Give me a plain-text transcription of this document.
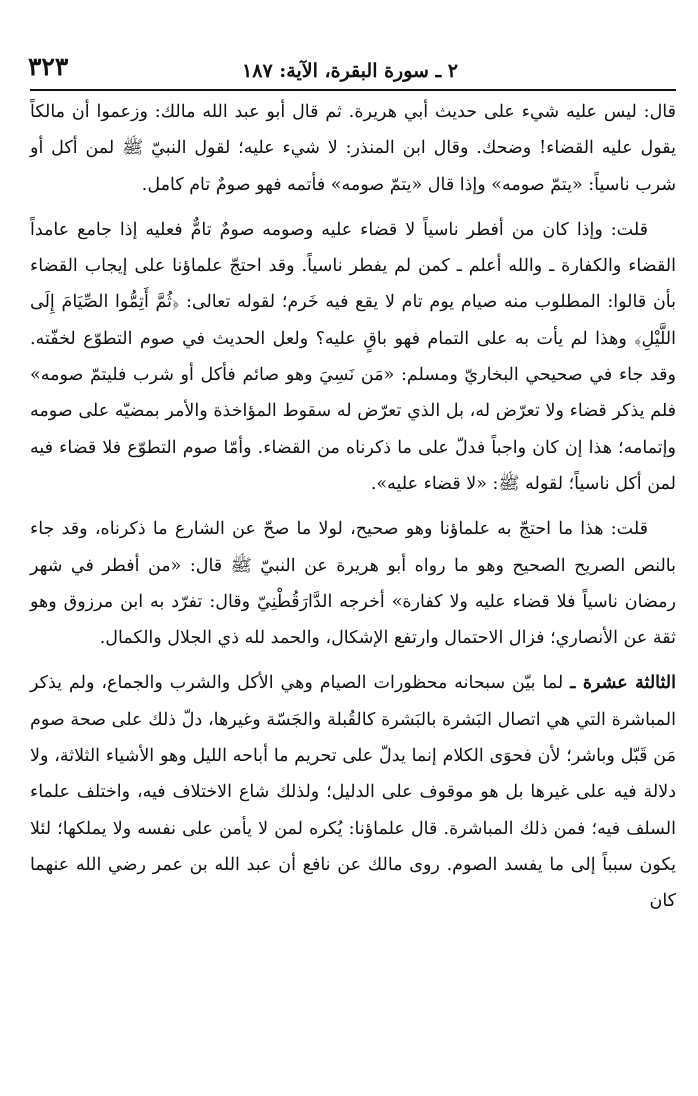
٣٢٣	٢ ـ سورة البقرة، الآية: ١٨٧

قال: ليس عليه شيء على حديث أبي هريرة. ثم قال أبو عبد الله مالك: وزعموا أن مالكاً يقول عليه القضاء! وضحك. وقال ابن المنذر: لا شيء عليه؛ لقول النبيّ ﷺ لمن أكل أو شرب ناسياً: «يتمّ صومه» وإذا قال «يتمّ صومه» فأتمه فهو صومٌ تام كامل.

قلت: وإذا كان من أفطر ناسياً لا قضاء عليه وصومه صومٌ تامٌّ فعليه إذا جامع عامداً القضاء والكفارة ـ والله أعلم ـ كمن لم يفطر ناسياً. وقد احتجّ علماؤنا على إيجاب القضاء بأن قالوا: المطلوب منه صيام يوم تام لا يقع فيه خَرم؛ لقوله تعالى: ﴿ثُمَّ أَتِمُّوا الصِّيَامَ إِلَى اللَّيْلِ﴾ وهذا لم يأت به على التمام فهو باقٍ عليه؟ ولعل الحديث في صوم التطوّع لخفّته. وقد جاء في صحيحي البخاريّ ومسلم: «مَن نَسِيَ وهو صائم فأكل أو شرب فليتمّ صومه» فلم يذكر قضاء ولا تعرّض له، بل الذي تعرّض له سقوط المؤاخذة والأمر بمضيّه على صومه وإتمامه؛ هذا إن كان واجباً فدلّ على ما ذكرناه من القضاء. وأمّا صوم التطوّع فلا قضاء فيه لمن أكل ناسياً؛ لقوله ﷺ: «لا قضاء عليه».

قلت: هذا ما احتجّ به علماؤنا وهو صحيح، لولا ما صحّ عن الشارع ما ذكرناه، وقد جاء بالنص الصريح الصحيح وهو ما رواه أبو هريرة عن النبيّ ﷺ قال: «من أفطر في شهر رمضان ناسياً فلا قضاء عليه ولا كفارة» أخرجه الدَّارَقُطْنِيّ وقال: تفرّد به ابن مرزوق وهو ثقة عن الأنصاري؛ فزال الاحتمال وارتفع الإشكال، والحمد لله ذي الجلال والكمال.

الثالثة عشرة ـ لما بيّن سبحانه محظورات الصيام وهي الأكل والشرب والجماع، ولم يذكر المباشرة التي هي اتصال البَشرة بالبَشرة كالقُبلة والجَسّة وغيرها، دلّ ذلك على صحة صوم مَن قَبّل وباشر؛ لأن فحوَى الكلام إنما يدلّ على تحريم ما أباحه الليل وهو الأشياء الثلاثة، ولا دلالة فيه على غيرها بل هو موقوف على الدليل؛ ولذلك شاع الاختلاف فيه، واختلف علماء السلف فيه؛ فمن ذلك المباشرة. قال علماؤنا: يُكره لمن لا يأمن على نفسه ولا يملكها؛ لئلا يكون سبباً إلى ما يفسد الصوم. روى مالك عن نافع أن عبد الله بن عمر رضي الله عنهما كان
